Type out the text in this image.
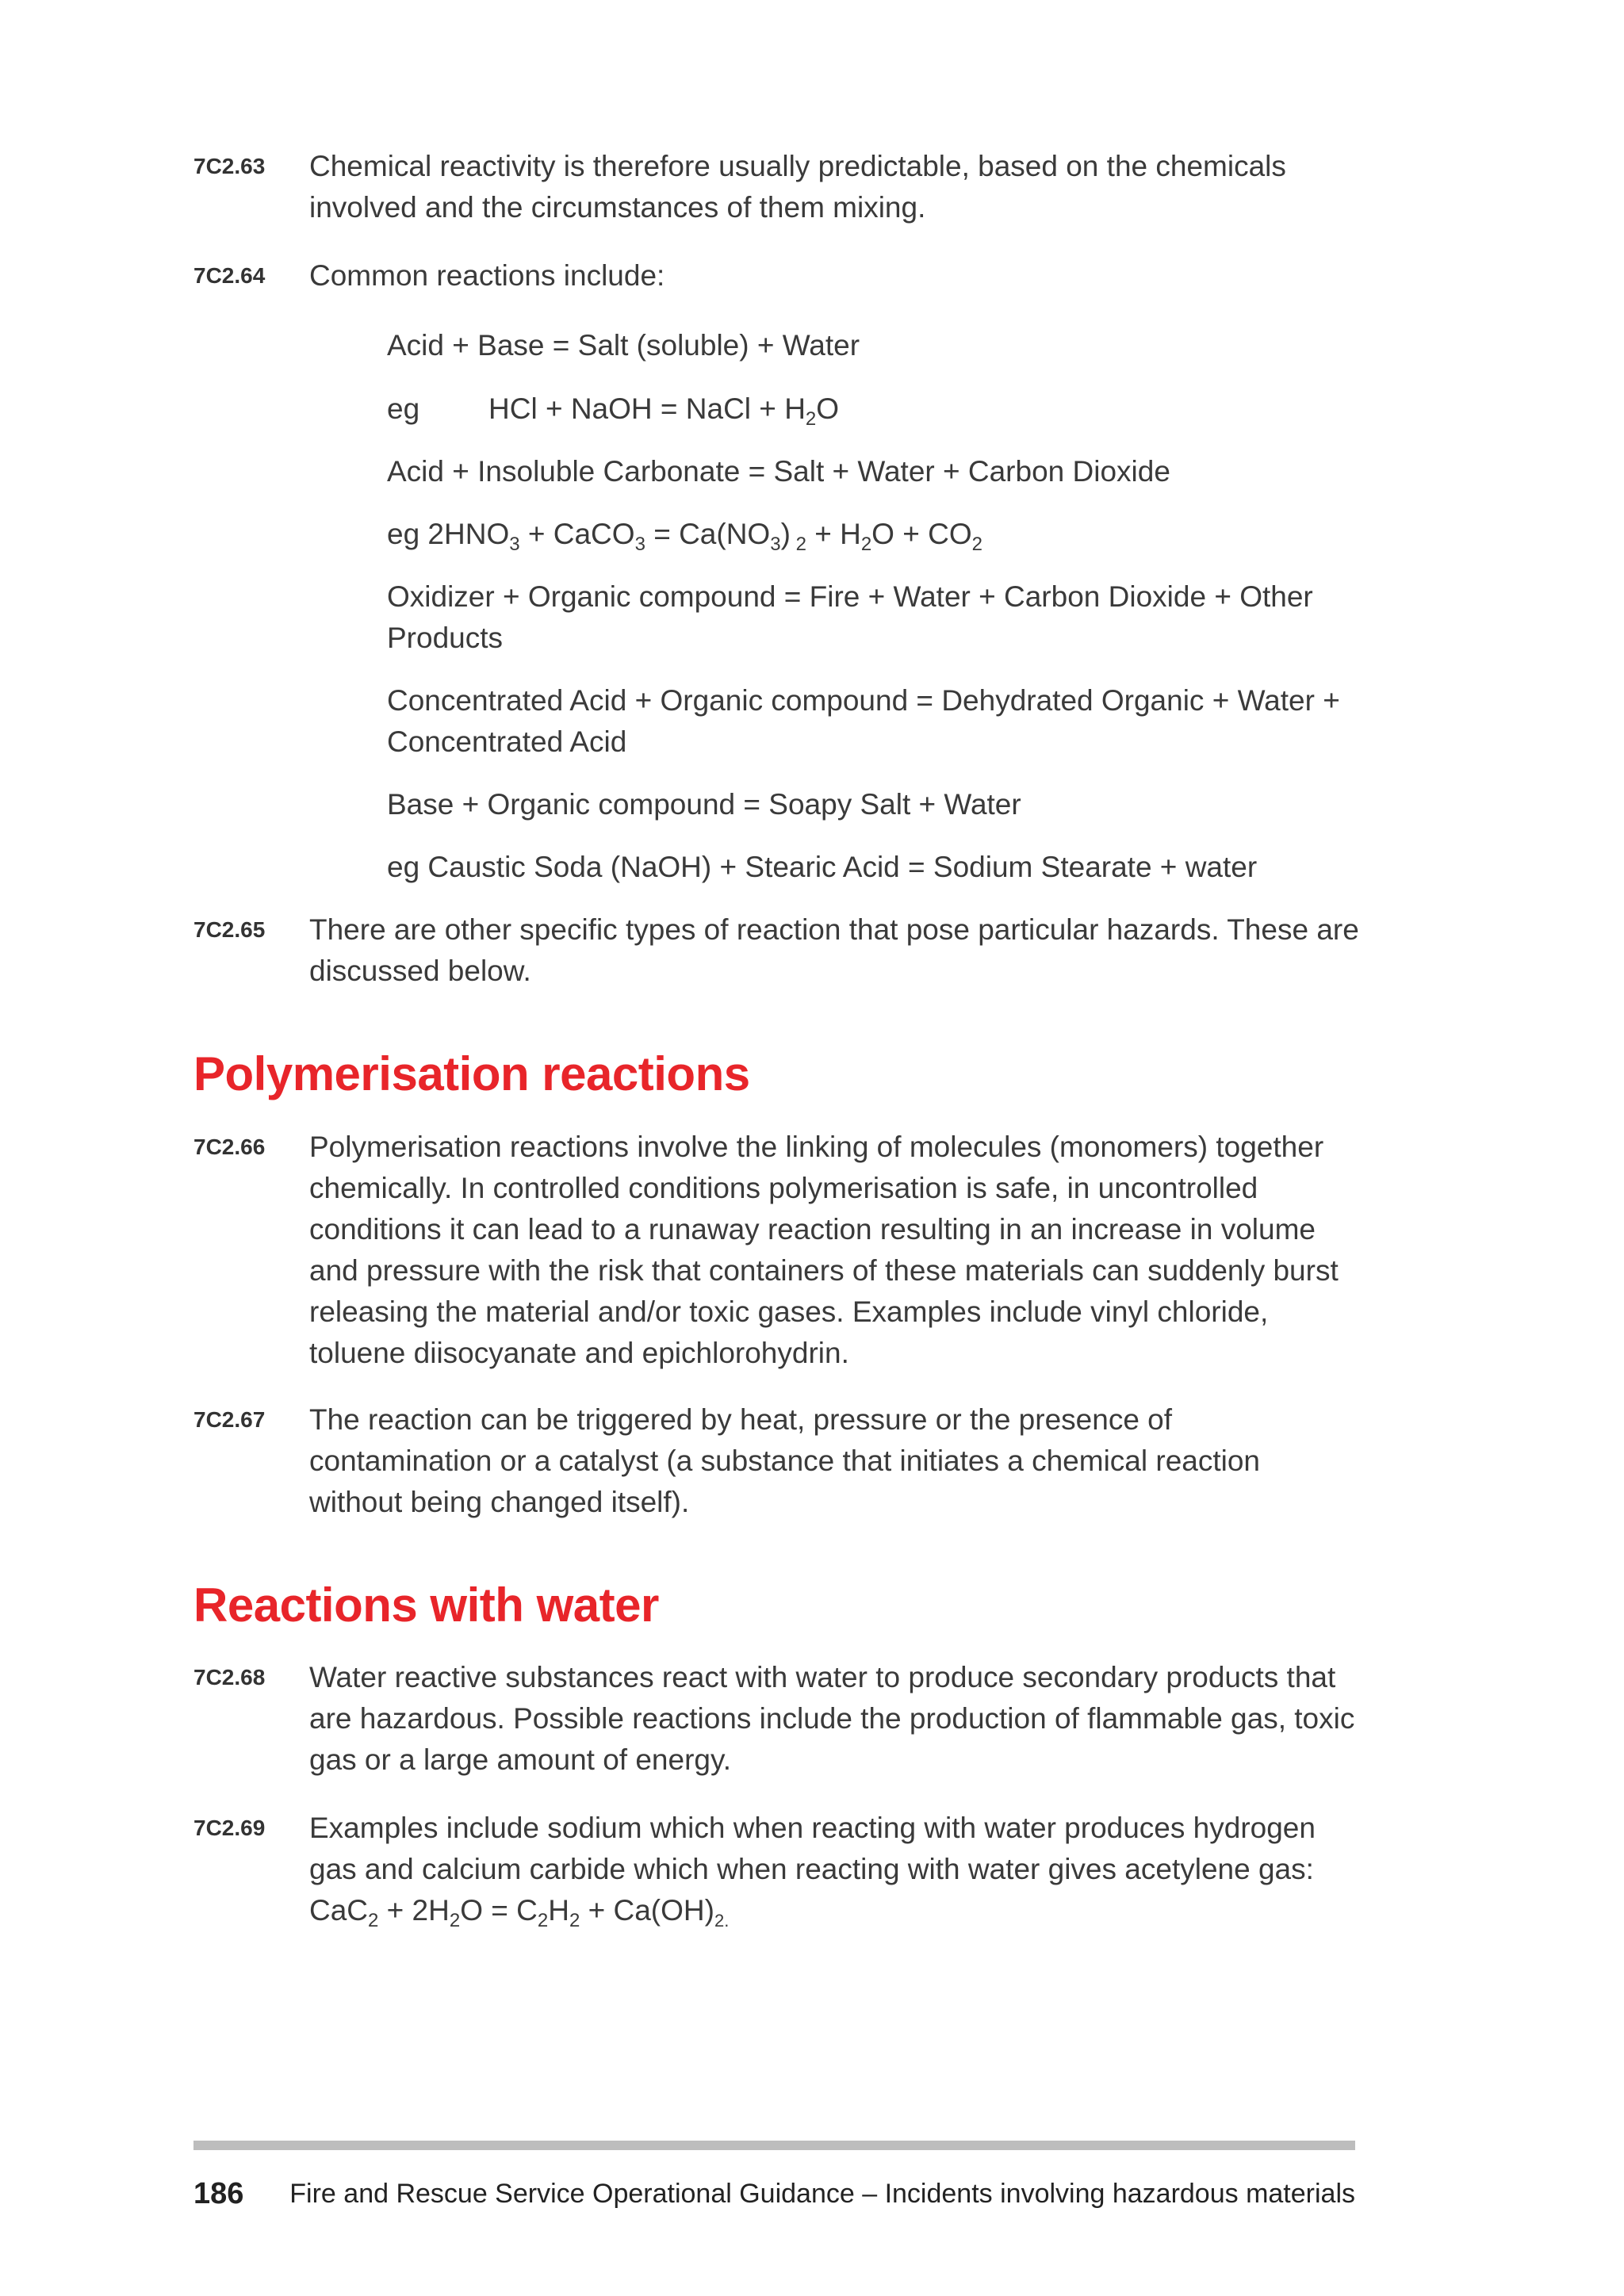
7C2.63 Chemical reactivity is therefore usually predictable, based on the chemicals involved and the circumstances of them mixing.

7C2.64 Common reactions include:

Acid + Base = Salt (soluble) + Water
eg HCl + NaOH = NaCl + $H_2O$
Acid + Insoluble Carbonate = Salt + Water + Carbon Dioxide
eg $2HNO_3$ + CaCO$_3$ = $Ca(NO_3) _2 + H_2O + CO_2$
Oxidizer + Organic compound = Fire + Water + Carbon Dioxide + Other Products
Concentrated Acid + Organic compound = Dehydrated Organic + Water + Concentrated Acid
Base + Organic compound = Soapy Salt + Water
eg Caustic Soda (NaOH) + Stearic Acid = Sodium Stearate + water
7C2.65 There are other specific types of reaction that pose particular hazards. These are discussed below.

Polymerisation reactions
7C2.66 Polymerisation reactions involve the linking of molecules (monomers) together chemically. In controlled conditions polymerisation is safe, in uncontrolled conditions it can lead to a runaway reaction resulting in an increase in volume and pressure with the risk that containers of these materials can suddenly burst releasing the material and/or toxic gases. Examples include vinyl chloride, toluene diisocyanate and epichlorohydrin.

7C2.67 The reaction can be triggered by heat, pressure or the presence of contamination or a catalyst (a substance that initiates a chemical reaction without being changed itself).

Reactions with water
7C2.68 Water reactive substances react with water to produce secondary products that are hazardous. Possible reactions include the production of flammable gas, toxic gas or a large amount of energy.

7C2.69 Examples include sodium which when reacting with water produces hydrogen gas and calcium carbide which when reacting with water gives acetylene gas:

$CaC_2 + 2H_2O = C_2H_2 + Ca(OH)_{2.}$

186 Fire and Rescue Service Operational Guidance – Incidents involving hazardous materials
